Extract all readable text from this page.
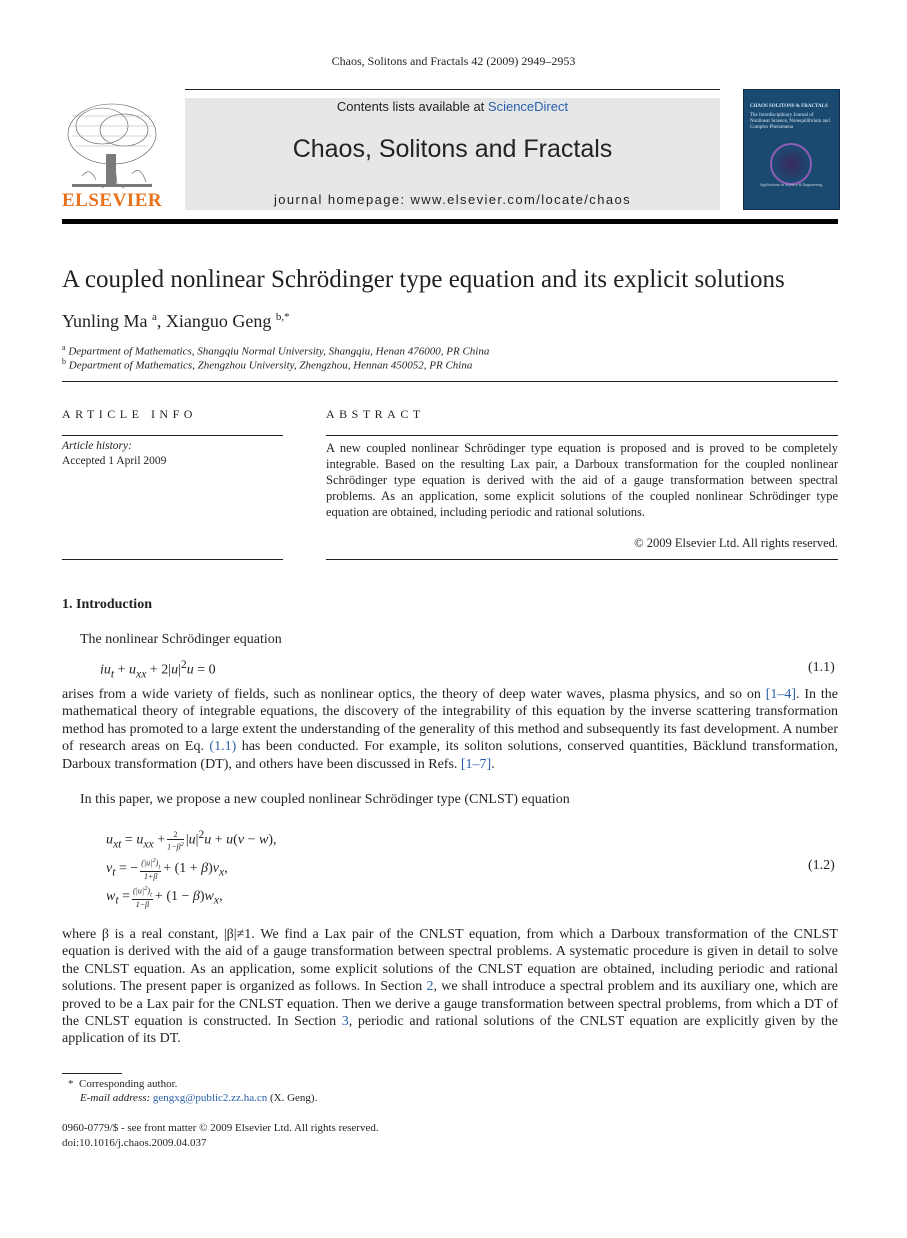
Chaos, Solitons and Fractals 42 (2009) 2949–2953
ELSEVIER
Contents lists available at ScienceDirect
Chaos, Solitons and Fractals
journal homepage: www.elsevier.com/locate/chaos
CHAOS SOLITONS & FRACTALS
The Interdisciplinary Journal of Nonlinear Science, Nonequilibrium and Complex Phenomena
Applications in Science & Engineering
A coupled nonlinear Schrödinger type equation and its explicit solutions
Yunling Ma $^a$, Xianguo Geng $^{b,*}$
$^a$ Department of Mathematics, Shangqiu Normal University, Shangqiu, Henan 476000, PR China
$^b$ Department of Mathematics, Zhengzhou University, Zhengzhou, Hennan 450052, PR China
ARTICLE INFO
Article history:
Accepted 1 April 2009
ABSTRACT
A new coupled nonlinear Schrödinger type equation is proposed and is proved to be completely integrable. Based on the resulting Lax pair, a Darboux transformation for the coupled nonlinear Schrödinger type equation is derived with the aid of a gauge transformation between spectral problems. As an application, some explicit solutions of the coupled nonlinear Schrödinger type equation are obtained, including periodic and rational solutions.
© 2009 Elsevier Ltd. All rights reserved.
1. Introduction
The nonlinear Schrödinger equation
$iu_t + u_{xx} + 2|u|^2u = 0$	(1.1)
arises from a wide variety of fields, such as nonlinear optics, the theory of deep water waves, plasma physics, and so on [1–4]. In the mathematical theory of integrable equations, the discovery of the integrability of this equation by the inverse scattering transformation method has promoted to a large extent the understanding of the generality of this method and subsequently its fast development. A number of research areas on Eq. (1.1) has been conducted. For example, its soliton solutions, conserved quantities, Bäcklund transformation, Darboux transformation (DT), and others have been discussed in Refs. [1–7].
In this paper, we propose a new coupled nonlinear Schrödinger type (CNLST) equation
$u_{xt} = u_{xx} + \frac{2}{1-\beta^2} |u|^2u + u(v - w)$,
$v_t$ = − $\frac{(|u|^2)_t}{1+\beta} + (1 + \beta)v_x$,
$w_t = \frac{(|u|^2)_t}{1-\beta} + (1 - \beta)w_x$,
(1.2)
where β is a real constant, |β|≠1. We find a Lax pair of the CNLST equation, from which a Darboux transformation of the CNLST equation is derived with the aid of a gauge transformation between spectral problems. A systematic procedure is given in detail to solve the CNLST equation. As an application, some explicit solutions of the CNLST equation are obtained, including periodic and rational solutions. The present paper is organized as follows. In Section 2, we shall introduce a spectral problem and its auxiliary one, which are proved to be a Lax pair for the CNLST equation. Then we derive a gauge transformation between spectral problems, from which a DT of the CNLST equation is constructed. In Section 3, periodic and rational solutions of the CNLST equation are explicitly given by the application of its DT.
* Corresponding author.
E-mail address: gengxg@public2.zz.ha.cn (X. Geng).
0960-0779/$ - see front matter © 2009 Elsevier Ltd. All rights reserved.
doi:10.1016/j.chaos.2009.04.037
